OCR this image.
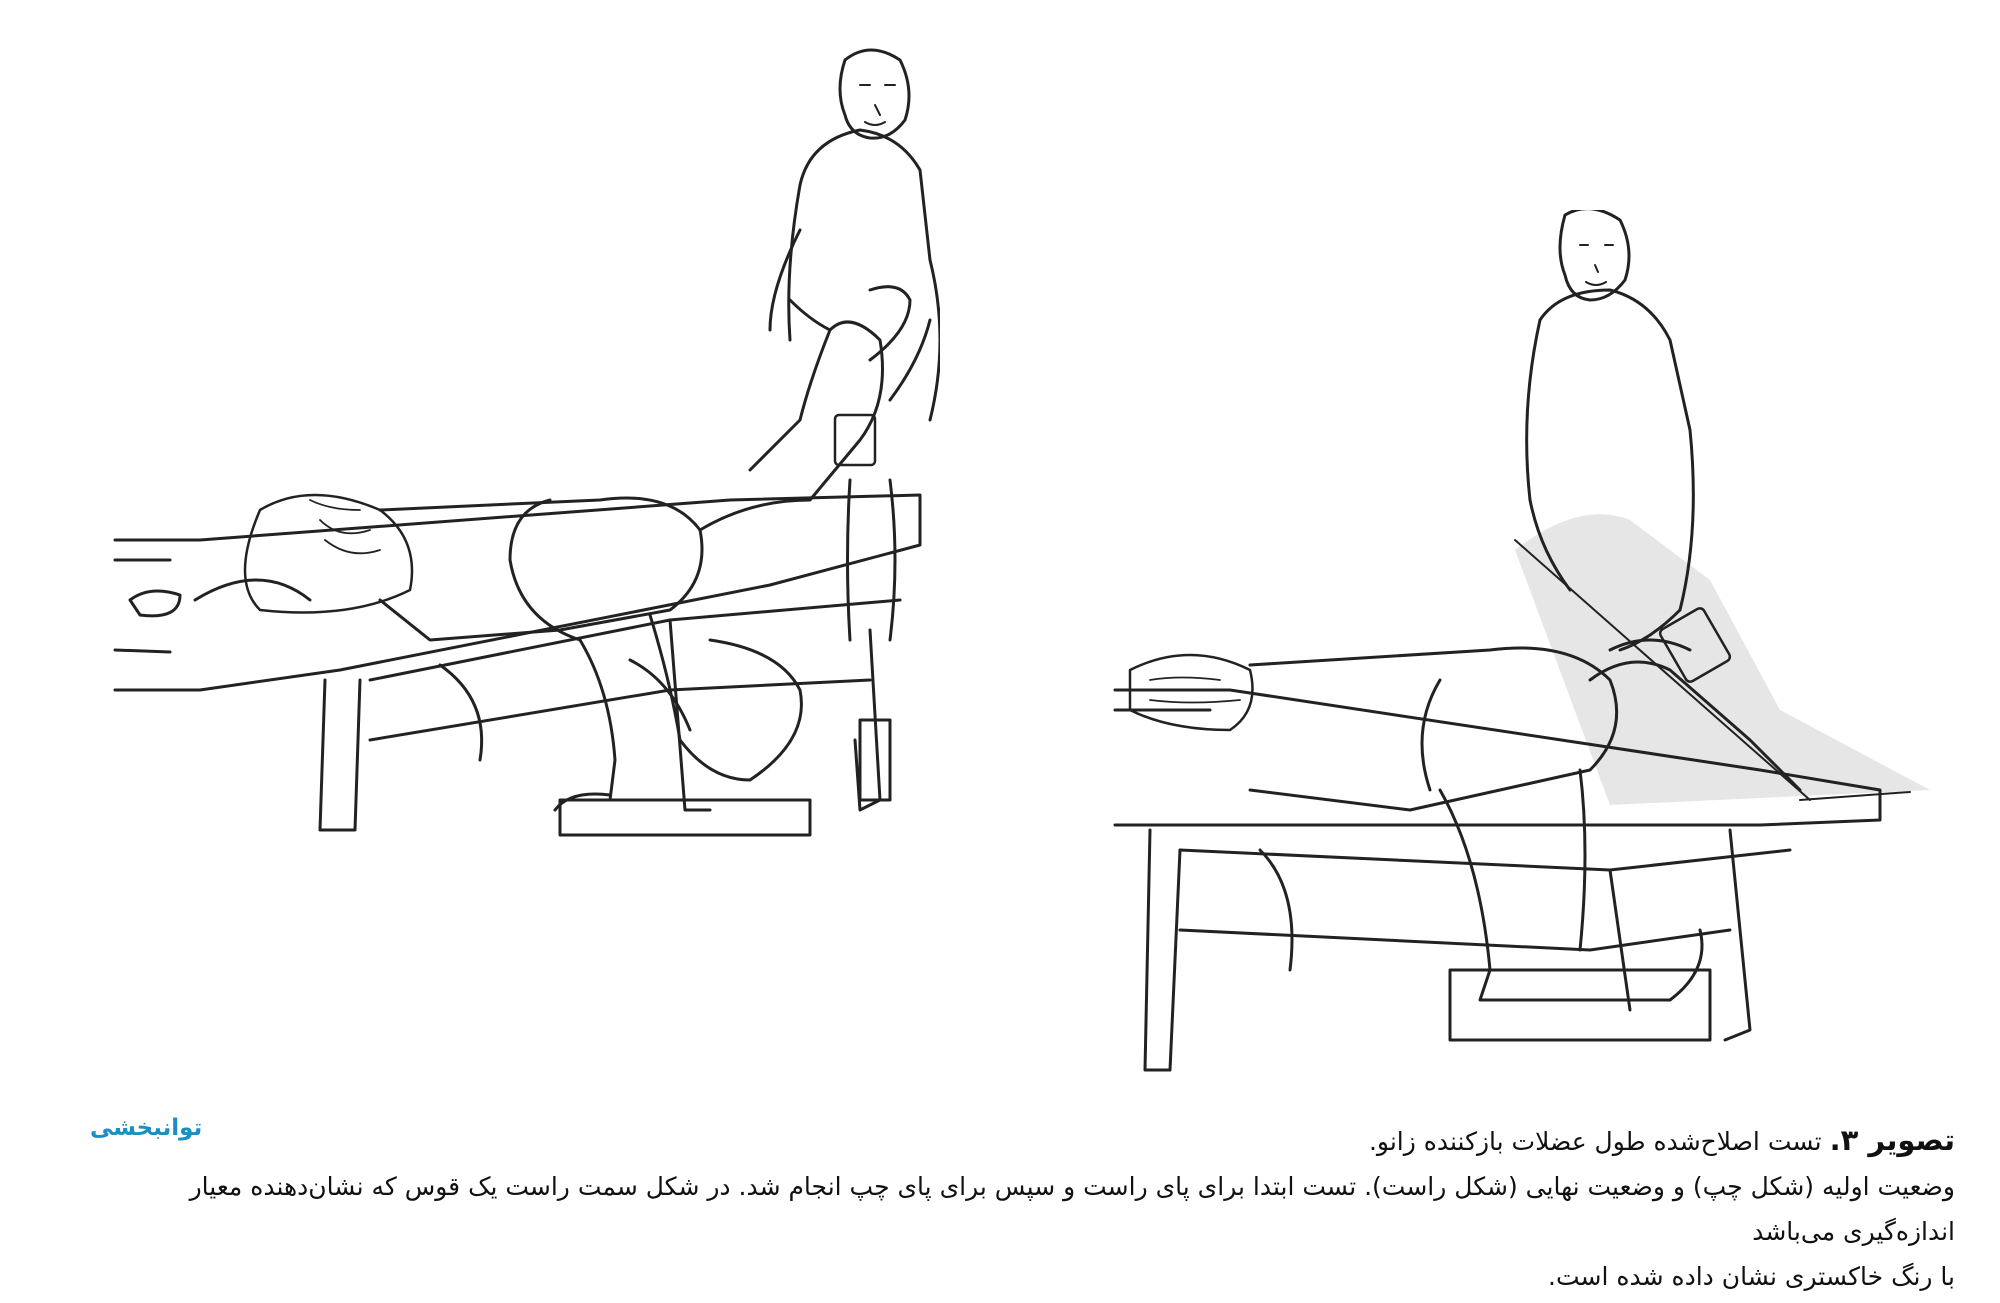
توانبخشی	تصویر ۳. تست اصلاح‌شده طول عضلات بازکننده زانو.
وضعیت اولیه (شکل چپ) و وضعیت نهایی (شکل راست). تست ابتدا برای پای راست و سپس برای پای چپ انجام شد. در شکل سمت راست یک قوس که نشان‌دهنده معیار اندازه‌گیری می‌باشد
با رنگ خاکستری نشان داده شده است.
